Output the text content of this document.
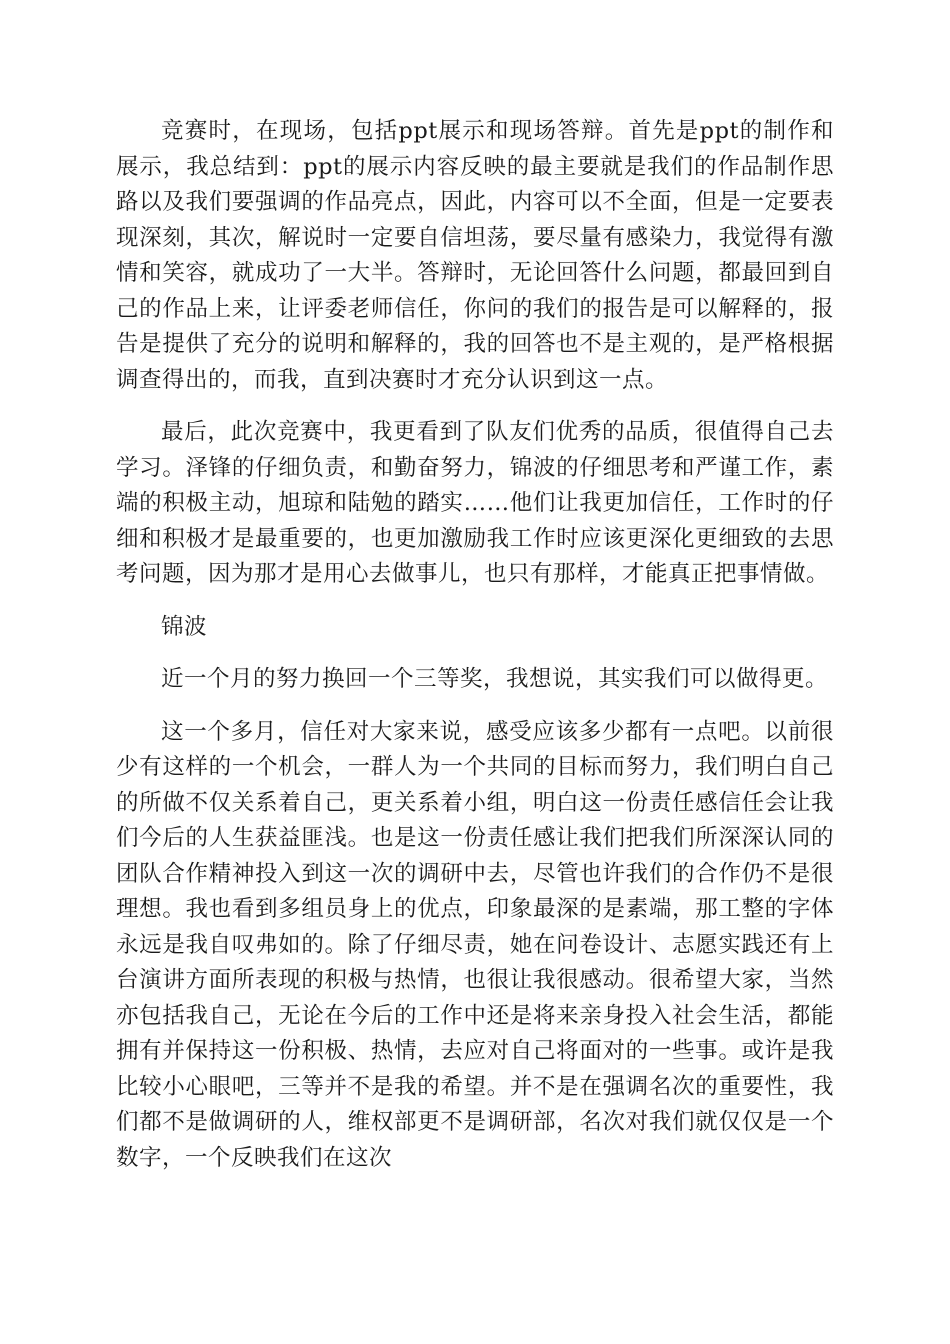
竞赛时，在现场，包括ppt展示和现场答辩。首先是ppt的制作和展示，我总结到：ppt的展示内容反映的最主要就是我们的作品制作思路以及我们要强调的作品亮点，因此，内容可以不全面，但是一定要表现深刻，其次，解说时一定要自信坦荡，要尽量有感染力，我觉得有激情和笑容，就成功了一大半。答辩时，无论回答什么问题，都最回到自己的作品上来，让评委老师信任，你问的我们的报告是可以解释的，报告是提供了充分的说明和解释的，我的回答也不是主观的，是严格根据调查得出的，而我，直到决赛时才充分认识到这一点。

最后，此次竞赛中，我更看到了队友们优秀的品质，很值得自己去学习。泽锋的仔细负责，和勤奋努力，锦波的仔细思考和严谨工作，素端的积极主动，旭琼和陆勉的踏实……他们让我更加信任，工作时的仔细和积极才是最重要的，也更加激励我工作时应该更深化更细致的去思考问题，因为那才是用心去做事儿，也只有那样，才能真正把事情做。

锦波

近一个月的努力换回一个三等奖，我想说，其实我们可以做得更。

这一个多月，信任对大家来说，感受应该多少都有一点吧。以前很少有这样的一个机会，一群人为一个共同的目标而努力，我们明白自己的所做不仅关系着自己，更关系着小组，明白这一份责任感信任会让我们今后的人生获益匪浅。也是这一份责任感让我们把我们所深深认同的团队合作精神投入到这一次的调研中去，尽管也许我们的合作仍不是很理想。我也看到多组员身上的优点，印象最深的是素端，那工整的字体永远是我自叹弗如的。除了仔细尽责，她在问卷设计、志愿实践还有上台演讲方面所表现的积极与热情，也很让我很感动。很希望大家，当然亦包括我自己，无论在今后的工作中还是将来亲身投入社会生活，都能拥有并保持这一份积极、热情，去应对自己将面对的一些事。或许是我比较小心眼吧，三等并不是我的希望。并不是在强调名次的重要性，我们都不是做调研的人，维权部更不是调研部，名次对我们就仅仅是一个数字，一个反映我们在这次
